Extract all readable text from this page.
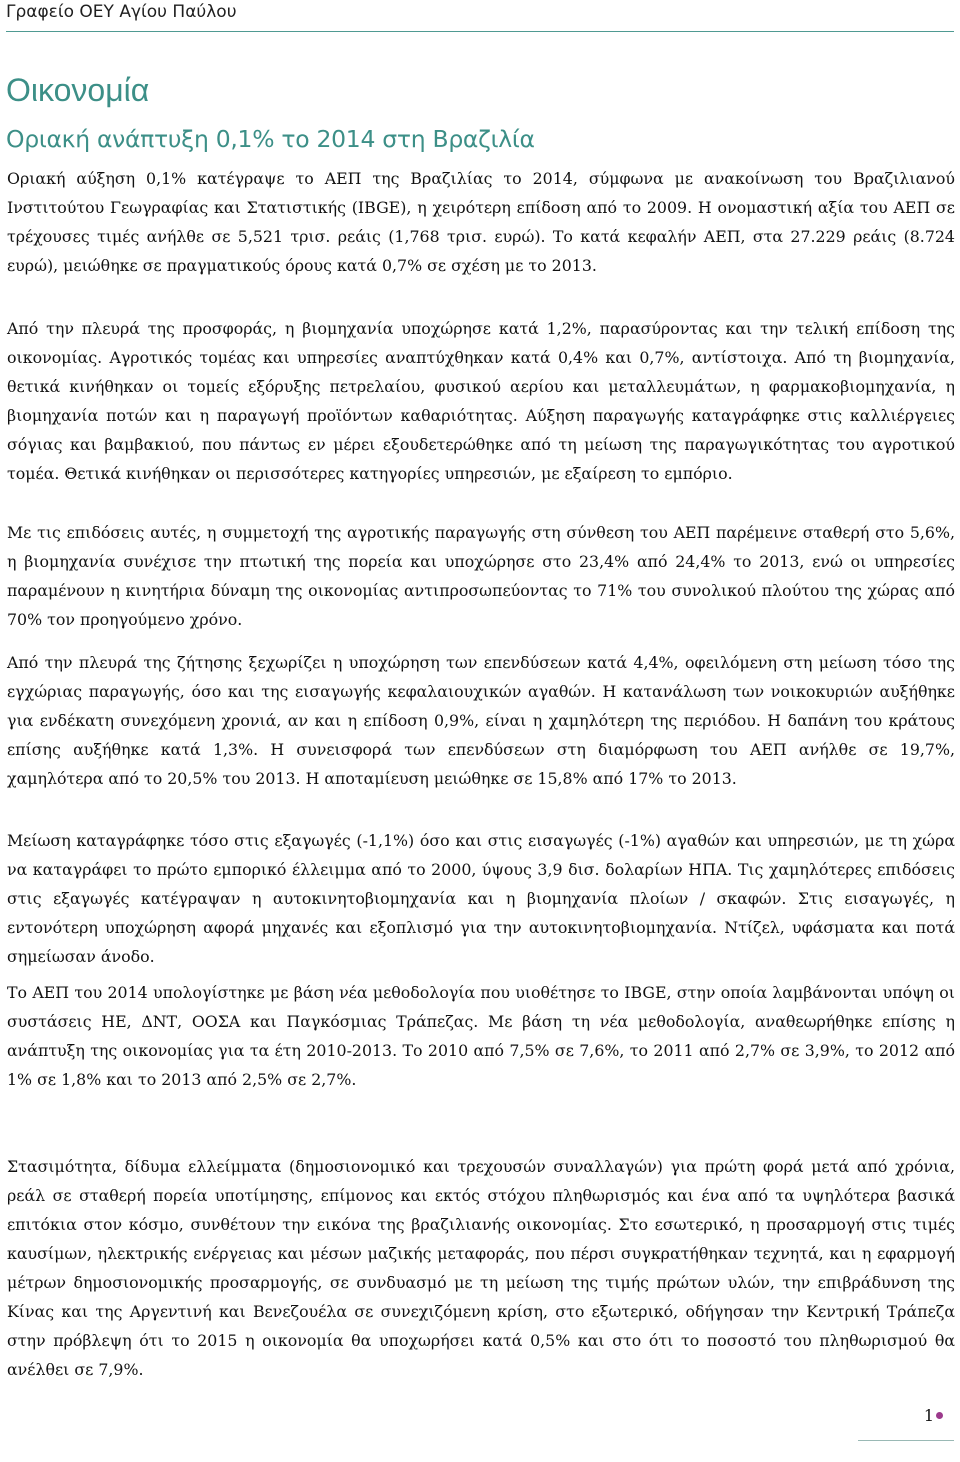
Γραφείο ΟΕΥ Αγίου Παύλου
Οικονομία
Οριακή ανάπτυξη 0,1% το 2014 στη Βραζιλία

Οριακή αύξηση 0,1% κατέγραψε το ΑΕΠ της Βραζιλίας το 2014, σύμφωνα με ανακοίνωση του Βραζιλιανού Ινστιτούτου Γεωγραφίας και Στατιστικής (IBGE), η χειρότερη επίδοση από το 2009. Η ονομαστική αξία του ΑΕΠ σε τρέχουσες τιμές ανήλθε σε 5,521 τρισ. ρεάις (1,768 τρισ. ευρώ). Το κατά κεφαλήν ΑΕΠ, στα 27.229 ρεάις (8.724 ευρώ), μειώθηκε σε πραγματικούς όρους κατά 0,7% σε σχέση με το 2013.

Από την πλευρά της προσφοράς, η βιομηχανία υποχώρησε κατά 1,2%, παρασύροντας και την τελική επίδοση της οικονομίας. Αγροτικός τομέας και υπηρεσίες αναπτύχθηκαν κατά 0,4% και 0,7%, αντίστοιχα. Από τη βιομηχανία, θετικά κινήθηκαν οι τομείς εξόρυξης πετρελαίου, φυσικού αερίου και μεταλλευμάτων, η φαρμακοβιομηχανία, η βιομηχανία ποτών και η παραγωγή προϊόντων καθαριότητας. Αύξηση παραγωγής καταγράφηκε στις καλλιέργειες σόγιας και βαμβακιού, που πάντως εν μέρει εξουδετερώθηκε από τη μείωση της παραγωγικότητας του αγροτικού τομέα. Θετικά κινήθηκαν οι περισσότερες κατηγορίες υπηρεσιών, με εξαίρεση το εμπόριο.

Με τις επιδόσεις αυτές, η συμμετοχή της αγροτικής παραγωγής στη σύνθεση του ΑΕΠ παρέμεινε σταθερή στο 5,6%, η βιομηχανία συνέχισε την πτωτική της πορεία και υποχώρησε στο 23,4% από 24,4% το 2013, ενώ οι υπηρεσίες παραμένουν η κινητήρια δύναμη της οικονομίας αντιπροσωπεύοντας το 71% του συνολικού πλούτου της χώρας από 70% τον προηγούμενο χρόνο.

Από την πλευρά της ζήτησης ξεχωρίζει η υποχώρηση των επενδύσεων κατά 4,4%, οφειλόμενη στη μείωση τόσο της εγχώριας παραγωγής, όσο και της εισαγωγής κεφαλαιουχικών αγαθών. Η κατανάλωση των νοικοκυριών αυξήθηκε για ενδέκατη συνεχόμενη χρονιά, αν και η επίδοση 0,9%, είναι η χαμηλότερη της περιόδου. Η δαπάνη του κράτους επίσης αυξήθηκε κατά 1,3%. Η συνεισφορά των επενδύσεων στη διαμόρφωση του ΑΕΠ ανήλθε σε 19,7%, χαμηλότερα από το 20,5% του 2013. Η αποταμίευση μειώθηκε σε 15,8% από 17% το 2013.

Μείωση καταγράφηκε τόσο στις εξαγωγές (-1,1%) όσο και στις εισαγωγές (-1%) αγαθών και υπηρεσιών, με τη χώρα να καταγράφει το πρώτο εμπορικό έλλειμμα από το 2000, ύψους 3,9 δισ. δολαρίων ΗΠΑ. Τις χαμηλότερες επιδόσεις στις εξαγωγές κατέγραψαν η αυτοκινητοβιομηχανία και η βιομηχανία πλοίων / σκαφών. Στις εισαγωγές, η εντονότερη υποχώρηση αφορά μηχανές και εξοπλισμό για την αυτοκινητοβιομηχανία. Ντίζελ, υφάσματα και ποτά σημείωσαν άνοδο.

Το ΑΕΠ του 2014 υπολογίστηκε με βάση νέα μεθοδολογία που υιοθέτησε το IBGE, στην οποία λαμβάνονται υπόψη οι συστάσεις ΗΕ, ΔΝΤ, ΟΟΣΑ και Παγκόσμιας Τράπεζας. Με βάση τη νέα μεθοδολογία, αναθεωρήθηκε επίσης η ανάπτυξη της οικονομίας για τα έτη 2010-2013. Το 2010 από 7,5% σε 7,6%, το 2011 από 2,7% σε 3,9%, το 2012 από 1% σε 1,8% και το 2013 από 2,5% σε 2,7%.

Στασιμότητα, δίδυμα ελλείμματα (δημοσιονομικό και τρεχουσών συναλλαγών) για πρώτη φορά μετά από χρόνια, ρεάλ σε σταθερή πορεία υποτίμησης, επίμονος και εκτός στόχου πληθωρισμός και ένα από τα υψηλότερα βασικά επιτόκια στον κόσμο, συνθέτουν την εικόνα της βραζιλιανής οικονομίας. Στο εσωτερικό, η προσαρμογή στις τιμές καυσίμων, ηλεκτρικής ενέργειας και μέσων μαζικής μεταφοράς, που πέρσι συγκρατήθηκαν τεχνητά, και η εφαρμογή μέτρων δημοσιονομικής προσαρμογής, σε συνδυασμό με τη μείωση της τιμής πρώτων υλών, την επιβράδυνση της Κίνας και της Αργεντινή και Βενεζουέλα σε συνεχιζόμενη κρίση, στο εξωτερικό, οδήγησαν την Κεντρική Τράπεζα στην πρόβλεψη ότι το 2015 η οικονομία θα υποχωρήσει κατά 0,5% και στο ότι το ποσοστό του πληθωρισμού θα ανέλθει σε 7,9%.

1
